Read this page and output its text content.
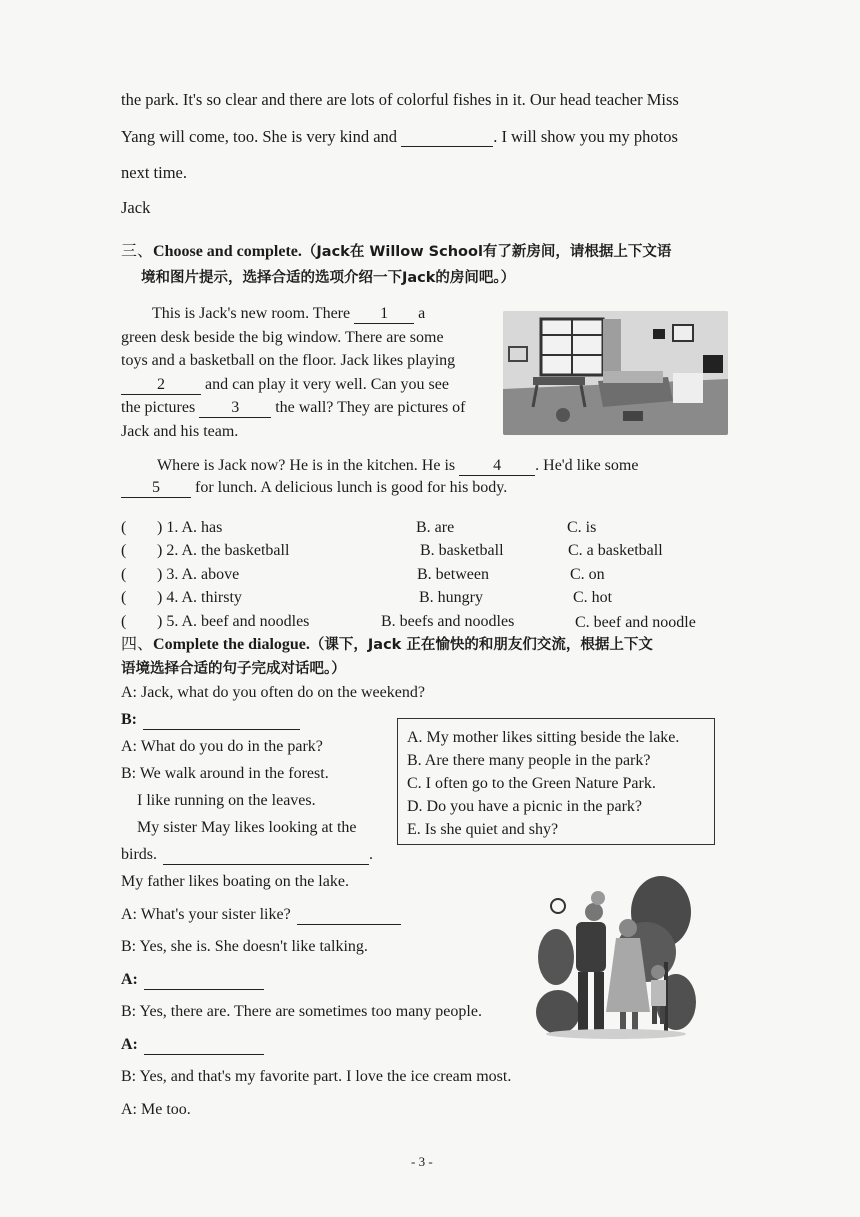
the park. It's so clear and there are lots of colorful fishes in it. Our head teacher Miss
Yang will come, too. She is very kind and	. I will show you my photos
next time.
Jack
三、Choose and complete.（Jack在 Willow School有了新房间，请根据上下文语
境和图片提示，选择合适的选项介绍一下Jack的房间吧。）
This is Jack's new room. There 1 a
green desk beside the big window. There are some
toys and a basketball on the floor. Jack likes playing
2	and can play it very well. Can you see
the pictures 3 the wall? They are pictures of
Jack and his team.
Where is Jack now? He is in the kitchen. He is 4 . He'd like some
5 for lunch. A delicious lunch is good for his body.
( ) 1. A. has	B. are	C. is
( ) 2. A. the basketball	B. basketball	C. a basketball
( ) 3. A. above	B. between	C. on
( ) 4. A. thirsty	B. hungry	C. hot
( ) 5. A. beef and noodles	B. beefs and noodles	C. beef and noodle
四、Complete the dialogue.（课下，Jack 正在愉快的和朋友们交流，根据上下文
语境选择合适的句子完成对话吧。）
A: Jack, what do you often do on the weekend?
B:
A: What do you do in the park?
B: We walk around in the forest.
I like running on the leaves.
My sister May likes looking at the
birds.	.
My father likes boating on the lake.
A: What's your sister like?
B: Yes, she is. She doesn't like talking.
A:
B: Yes, there are. There are sometimes too many people.
A:
B: Yes, and that's my favorite part. I love the ice cream most.
A: Me too.
A. My mother likes sitting beside the lake.
B. Are there many people in the park?
C. I often go to the Green Nature Park.
D. Do you have a picnic in the park?
E. Is she quiet and shy?
- 3 -
